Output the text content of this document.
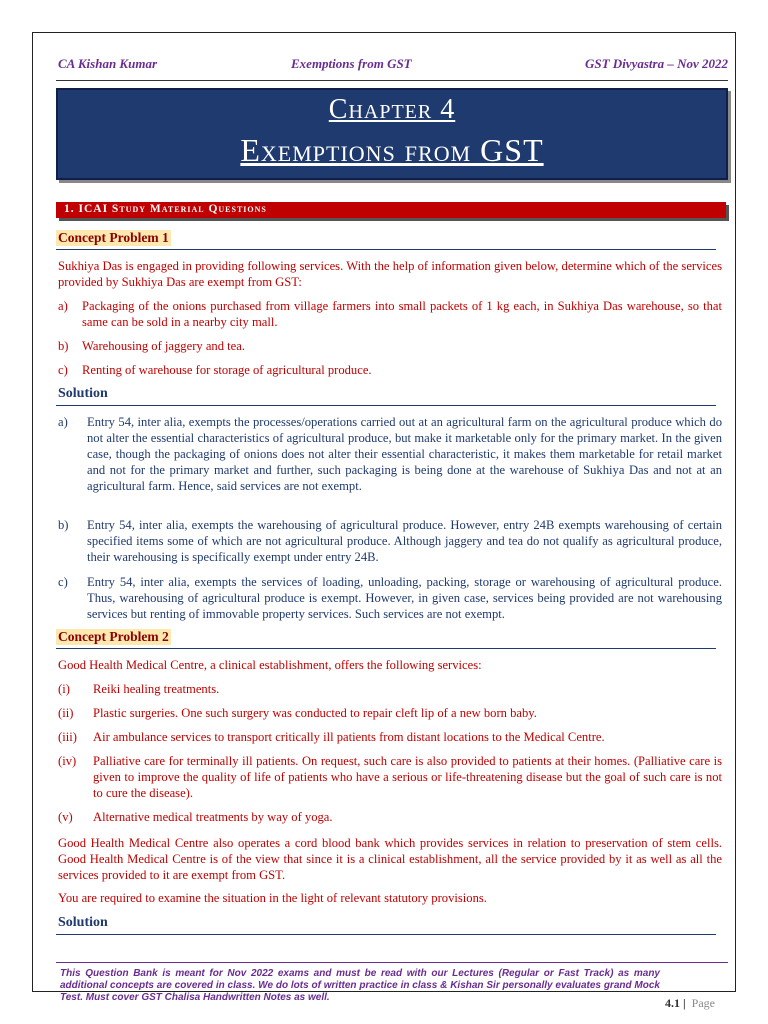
CA Kishan Kumar	Exemptions from GST	GST Divyastra – Nov 2022
Chapter 4
Exemptions from GST
1. ICAI Study Material Questions
Concept Problem 1

Sukhiya Das is engaged in providing following services. With the help of information given below, determine which of the services provided by Sukhiya Das are exempt from GST:

a) Packaging of the onions purchased from village farmers into small packets of 1 kg each, in Sukhiya Das warehouse, so that same can be sold in a nearby city mall.

b) Warehousing of jaggery and tea.

c) Renting of warehouse for storage of agricultural produce.

Solution
a) Entry 54, inter alia, exempts the processes/operations carried out at an agricultural farm on the agricultural produce which do not alter the essential characteristics of agricultural produce, but make it marketable only for the primary market. In the given case, though the packaging of onions does not alter their essential characteristic, it makes them marketable for retail market and not for the primary market and further, such packaging is being done at the warehouse of Sukhiya Das and not at an agricultural farm. Hence, said services are not exempt.

b) Entry 54, inter alia, exempts the warehousing of agricultural produce. However, entry 24B exempts warehousing of certain specified items some of which are not agricultural produce. Although jaggery and tea do not qualify as agricultural produce, their warehousing is specifically exempt under entry 24B.

c) Entry 54, inter alia, exempts the services of loading, unloading, packing, storage or warehousing of agricultural produce. Thus, warehousing of agricultural produce is exempt. However, in given case, services being provided are not warehousing services but renting of immovable property services. Such services are not exempt.

Concept Problem 2

Good Health Medical Centre, a clinical establishment, offers the following services:

(i) Reiki healing treatments.

(ii) Plastic surgeries. One such surgery was conducted to repair cleft lip of a new born baby.

(iii) Air ambulance services to transport critically ill patients from distant locations to the Medical Centre.

(iv) Palliative care for terminally ill patients. On request, such care is also provided to patients at their homes. (Palliative care is given to improve the quality of life of patients who have a serious or life-threatening disease but the goal of such care is not to cure the disease).

(v) Alternative medical treatments by way of yoga.

Good Health Medical Centre also operates a cord blood bank which provides services in relation to preservation of stem cells. Good Health Medical Centre is of the view that since it is a clinical establishment, all the service provided by it as well as all the services provided to it are exempt from GST.

You are required to examine the situation in the light of relevant statutory provisions.

Solution
This Question Bank is meant for Nov 2022 exams and must be read with our Lectures (Regular or Fast Track) as many additional concepts are covered in class. We do lots of written practice in class & Kishan Sir personally evaluates grand Mock Test. Must cover GST Chalisa Handwritten Notes as well.	4.1 | Page
